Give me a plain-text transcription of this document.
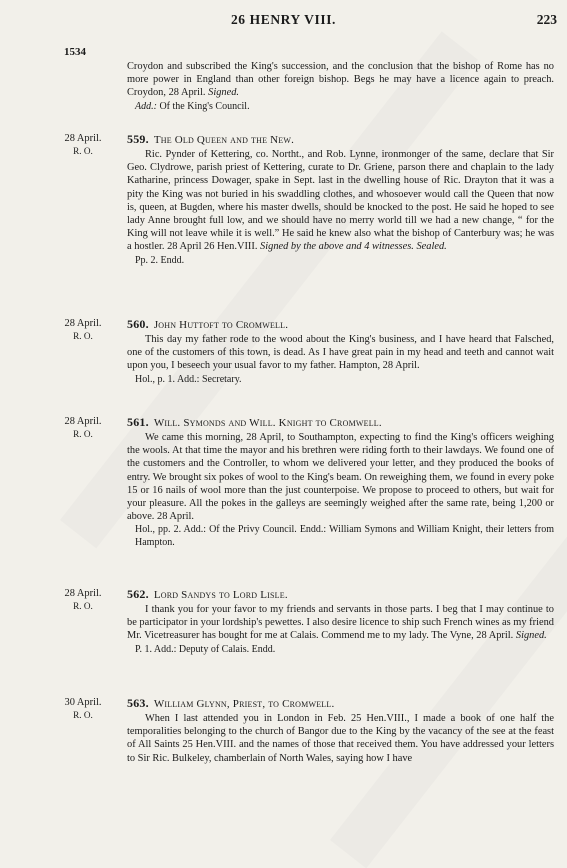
26 HENRY VIII.	223
1534
Croydon and subscribed the King's succession, and the conclusion that the bishop of Rome has no more power in England than other foreign bishop. Begs he may have a licence again to preach. Croydon, 28 April. Signed.
Add.: Of the King's Council.
28 April.
R. O.
559. The Old Queen and the New.
Ric. Pynder of Kettering, co. Northt., and Rob. Lynne, ironmonger of the same, declare that Sir Geo. Clydrowe, parish priest of Kettering, curate to Dr. Griene, parson there and chaplain to the lady Katharine, princess Dowager, spake in Sept. last in the dwelling house of Ric. Drayton that it was a pity the King was not buried in his swaddling clothes, and whosoever would call the Queen that now is, queen, at Bugden, where his master dwells, should be knocked to the post. He said he hoped to see lady Anne brought full low, and we should have no merry world till we had a new change, “ for the King will not leave while it is well.” He said he knew also what the bishop of Canterbury was; he was a hostler. 28 April 26 Hen.VIII. Signed by the above and 4 witnesses. Sealed.
Pp. 2. Endd.
28 April.
R. O.
560. John Huttoft to Cromwell.
This day my father rode to the wood about the King's business, and I have heard that Falsched, one of the customers of this town, is dead. As I have great pain in my head and teeth and cannot wait upon you, I beseech your usual favor to my father. Hampton, 28 April.
Hol., p. 1. Add.: Secretary.
28 April.
R. O.
561. Will. Symonds and Will. Knight to Cromwell.
We came this morning, 28 April, to Southampton, expecting to find the King's officers weighing the wools. At that time the mayor and his brethren were riding forth to their lawdays. We found one of the customers and the Controller, to whom we delivered your letter, and they produced the books of entry. We brought six pokes of wool to the King's beam. On reweighing them, we found in every poke 15 or 16 nails of wool more than the just counterpoise. We propose to proceed to others, but wait for your pleasure. All the pokes in the galleys are seemingly weighed after the same rate, being 1,200 or above. 28 April.
Hol., pp. 2. Add.: Of the Privy Council. Endd.: William Symons and William Knight, their letters from Hampton.
28 April.
R. O.
562. Lord Sandys to Lord Lisle.
I thank you for your favor to my friends and servants in those parts. I beg that I may continue to be participator in your lordship's pewettes. I also desire licence to ship such French wines as my friend Mr. Vicetreasurer has bought for me at Calais. Commend me to my lady. The Vyne, 28 April. Signed.
P. 1. Add.: Deputy of Calais. Endd.
30 April.
R. O.
563. William Glynn, Priest, to Cromwell.
When I last attended you in London in Feb. 25 Hen.VIII., I made a book of one half the temporalities belonging to the church of Bangor due to the King by the vacancy of the see at the feast of All Saints 25 Hen.VIII. and the names of those that received them. You have addressed your letters to Sir Ric. Bulkeley, chamberlain of North Wales, saying how I have
